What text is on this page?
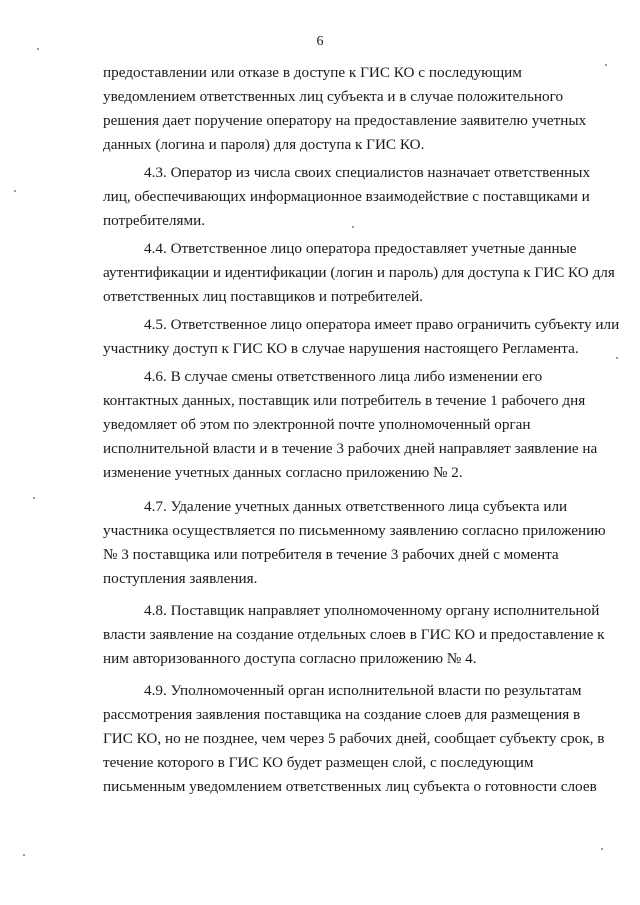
6
предоставлении или отказе в доступе к ГИС КО с последующим
уведомлением ответственных лиц субъекта и в случае положительного
решения дает поручение оператору на предоставление заявителю учетных
данных (логина и пароля) для доступа к ГИС КО.
4.3. Оператор из числа своих специалистов назначает ответственных
лиц, обеспечивающих информационное взаимодействие с поставщиками и
потребителями.
4.4. Ответственное лицо оператора предоставляет учетные данные
аутентификации и идентификации (логин и пароль) для доступа к ГИС КО для
ответственных лиц поставщиков и потребителей.
4.5. Ответственное лицо оператора имеет право ограничить субъекту или
участнику доступ к ГИС КО в случае нарушения настоящего Регламента.
4.6. В случае смены ответственного лица либо изменении его
контактных данных, поставщик или потребитель в течение 1 рабочего дня
уведомляет об этом по электронной почте уполномоченный орган
исполнительной власти и в течение 3 рабочих дней направляет заявление на
изменение учетных данных согласно приложению № 2.
4.7. Удаление учетных данных ответственного лица субъекта или
участника осуществляется по письменному заявлению согласно приложению
№ 3 поставщика или потребителя в течение 3 рабочих дней с момента
поступления заявления.
4.8. Поставщик направляет уполномоченному органу исполнительной
власти заявление на создание отдельных слоев в ГИС КО и предоставление к
ним авторизованного доступа согласно приложению № 4.
4.9. Уполномоченный орган исполнительной власти по результатам
рассмотрения заявления поставщика на создание слоев для размещения в
ГИС КО, но не позднее, чем через 5 рабочих дней, сообщает субъекту срок, в
течение которого в ГИС КО будет размещен слой, с последующим
письменным уведомлением ответственных лиц субъекта о готовности слоев
